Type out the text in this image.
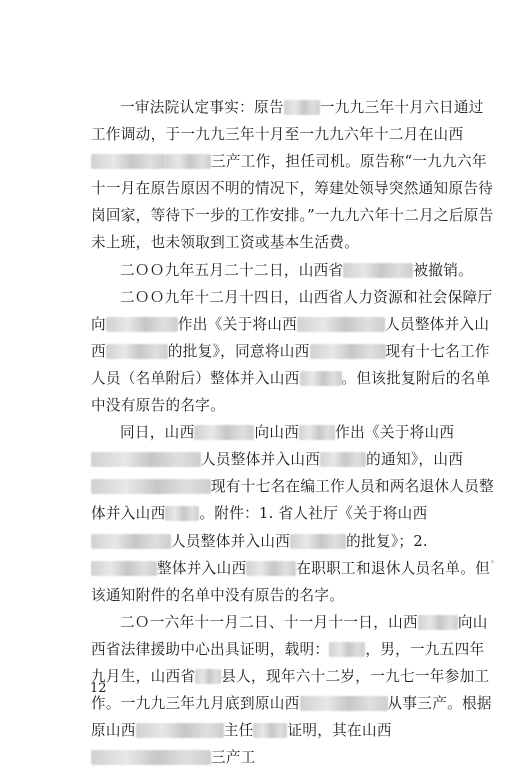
一审法院认定事实：原告 一九九三年十月六日通过工作调动，于一九九三年十月至一九九六年十二月在山西三产工作，担任司机。原告称“一九九六年十一月在原告原因不明的情况下，筹建处领导突然通知原告待岗回家，等待下一步的工作安排。”一九九六年十二月之后原告未上班，也未领取到工资或基本生活费。

二ＯＯ九年五月二十二日，山西省	被撤销。

二ＯＯ九年十二月十四日，山西省人力资源和社会保障厅向	作出《关于将山西	人员整体并入山西	的批复》，同意将山西	现有十七名工作人员（名单附后）整体并入山西	。但该批复附后的名单中没有原告的名字。

同日，山西	向山西 作出《关于将山西人员整体并入山西	的通知》，山西现有十七名在编工作人员和两名退休人员整体并入山西 。附件：1. 省人社厅《关于将山西人员整体并入山西	的批复》；2. 整体并入山西	在职职工和退休人员名单。但该通知附件的名单中没有原告的名字。

二Ｏ一六年十一月二日、十一月十一日，山西	向山西省法律援助中心出具证明，载明： ，男，一九五四年九月生，山西省 县人，现年六十二岁，一九七一年参加工作。一九九三年九月底到原山西	从事三产。根据原山西	主任 证明，其在山西三产工

12
